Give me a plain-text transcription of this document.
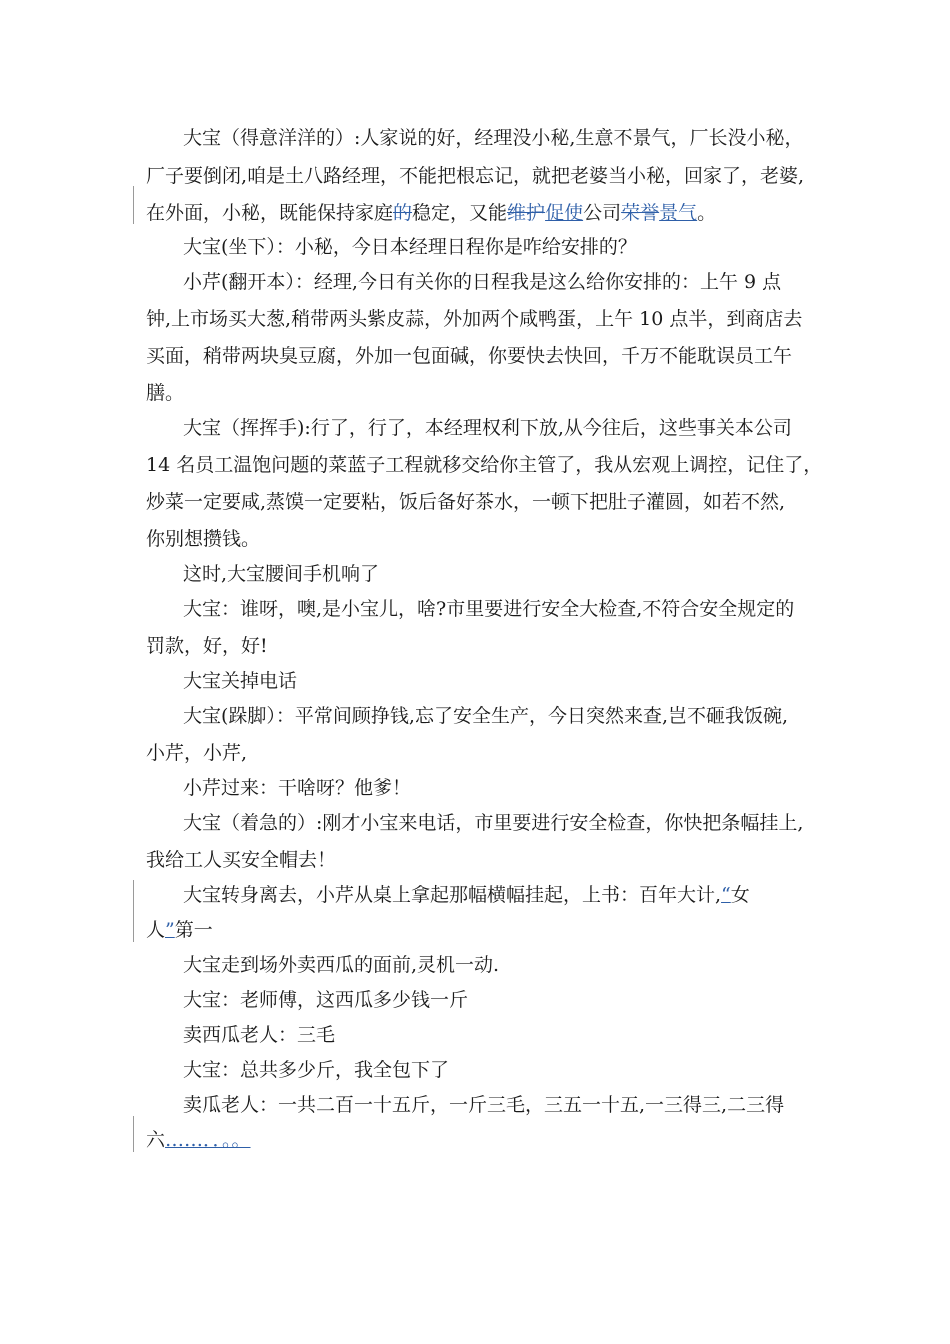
大宝（得意洋洋的）:人家说的好，经理没小秘,生意不景气，厂长没小秘，
厂子要倒闭,咱是土八路经理，不能把根忘记，就把老婆当小秘，回家了，老婆,
在外面，小秘，既能保持家庭的稳定，又能维护促使公司荣誉景气。
大宝(坐下）：小秘，今日本经理日程你是咋给安排的？
小芹(翻开本）：经理,今日有关你的日程我是这么给你安排的：上午 9 点
钟,上市场买大葱,稍带两头紫皮蒜，外加两个咸鸭蛋，上午 10 点半，到商店去
买面，稍带两块臭豆腐，外加一包面碱，你要快去快回，千万不能耽误员工午
膳。
大宝（挥挥手):行了，行了，本经理权利下放,从今往后，这些事关本公司
14 名员工温饱问题的菜蓝子工程就移交给你主管了，我从宏观上调控，记住了，
炒菜一定要咸,蒸馍一定要粘，饭后备好茶水，一顿下把肚子灌圆，如若不然,
你别想攒钱。
这时,大宝腰间手机响了
大宝：谁呀，噢,是小宝儿，啥?市里要进行安全大检查,不符合安全规定的
罚款，好，好!
大宝关掉电话
大宝(跺脚）：平常间顾挣钱,忘了安全生产，今日突然来查,岂不砸我饭碗,
小芹，小芹,
小芹过来：干啥呀？他爹！
大宝（着急的）:刚才小宝来电话，市里要进行安全检查，你快把条幅挂上,
我给工人买安全帽去！
大宝转身离去，小芹从桌上拿起那幅横幅挂起，上书：百年大计,“女
人”第一
大宝走到场外卖西瓜的面前,灵机一动.
大宝：老师傅，这西瓜多少钱一斤
卖西瓜老人：三毛
大宝：总共多少斤，我全包下了
卖瓜老人：一共二百一十五斤，一斤三毛，三五一十五,一三得三,二三得
六……．．。。
